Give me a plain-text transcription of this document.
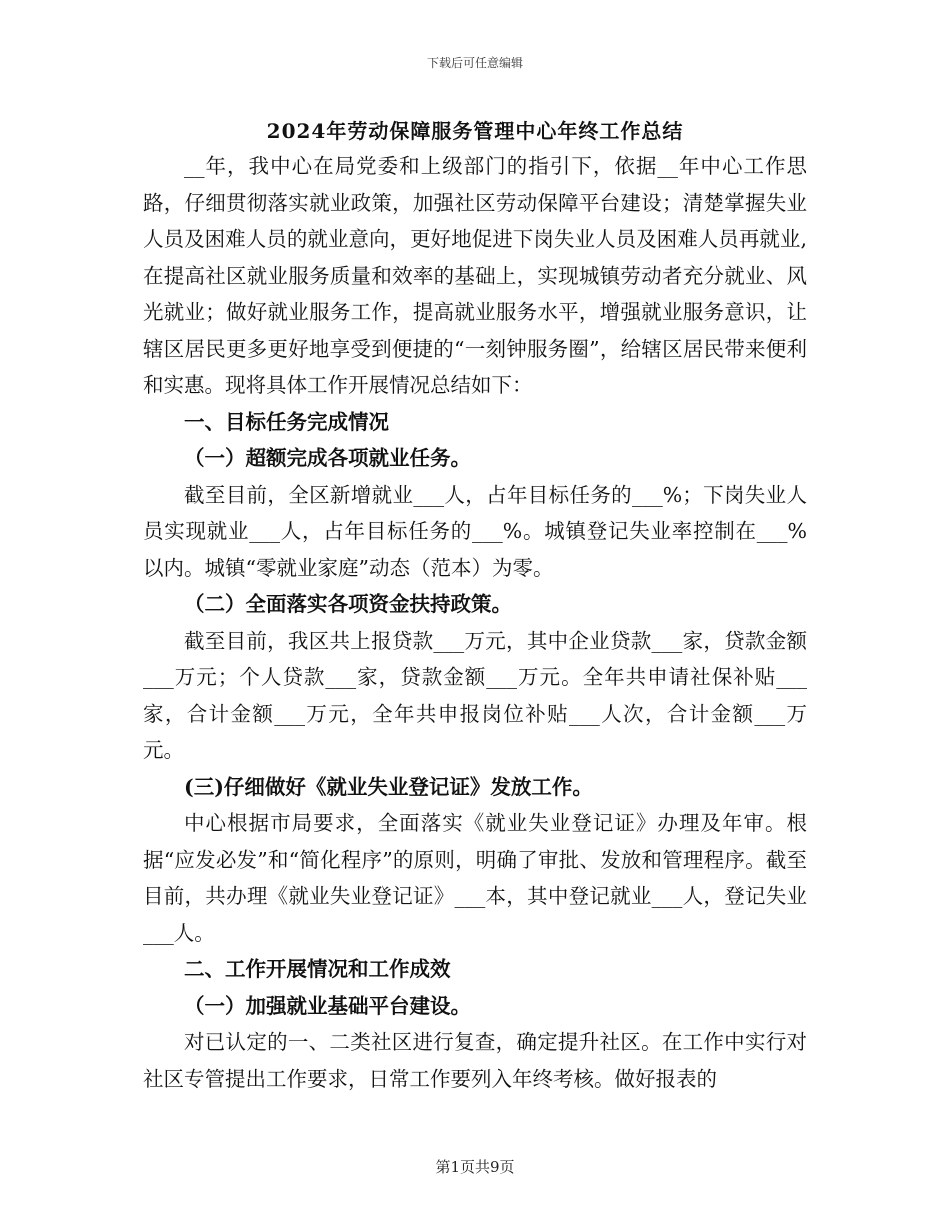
下载后可任意编辑
2024年劳动保障服务管理中心年终工作总结

__年，我中心在局党委和上级部门的指引下，依据__年中心工作思路，仔细贯彻落实就业政策，加强社区劳动保障平台建设；清楚掌握失业人员及困难人员的就业意向，更好地促进下岗失业人员及困难人员再就业,在提高社区就业服务质量和效率的基础上，实现城镇劳动者充分就业、风光就业；做好就业服务工作，提高就业服务水平，增强就业服务意识，让辖区居民更多更好地享受到便捷的“一刻钟服务圈”，给辖区居民带来便利和实惠。现将具体工作开展情况总结如下：

一、目标任务完成情况

（一）超额完成各项就业任务。

截至目前，全区新增就业___人，占年目标任务的___%；下岗失业人员实现就业___人，占年目标任务的___%。城镇登记失业率控制在___%以内。城镇“零就业家庭”动态（范本）为零。

（二）全面落实各项资金扶持政策。

截至目前，我区共上报贷款___万元，其中企业贷款___家，贷款金额___万元；个人贷款___家，贷款金额___万元。全年共申请社保补贴___家，合计金额___万元，全年共申报岗位补贴___人次，合计金额___万元。

(三)仔细做好《就业失业登记证》发放工作。

中心根据市局要求，全面落实《就业失业登记证》办理及年审。根据“应发必发”和“简化程序”的原则，明确了审批、发放和管理程序。截至目前，共办理《就业失业登记证》___本，其中登记就业___人，登记失业___人。

二、工作开展情况和工作成效

（一）加强就业基础平台建设。

对已认定的一、二类社区进行复查，确定提升社区。在工作中实行对社区专管提出工作要求，日常工作要列入年终考核。做好报表的

第1页共9页
